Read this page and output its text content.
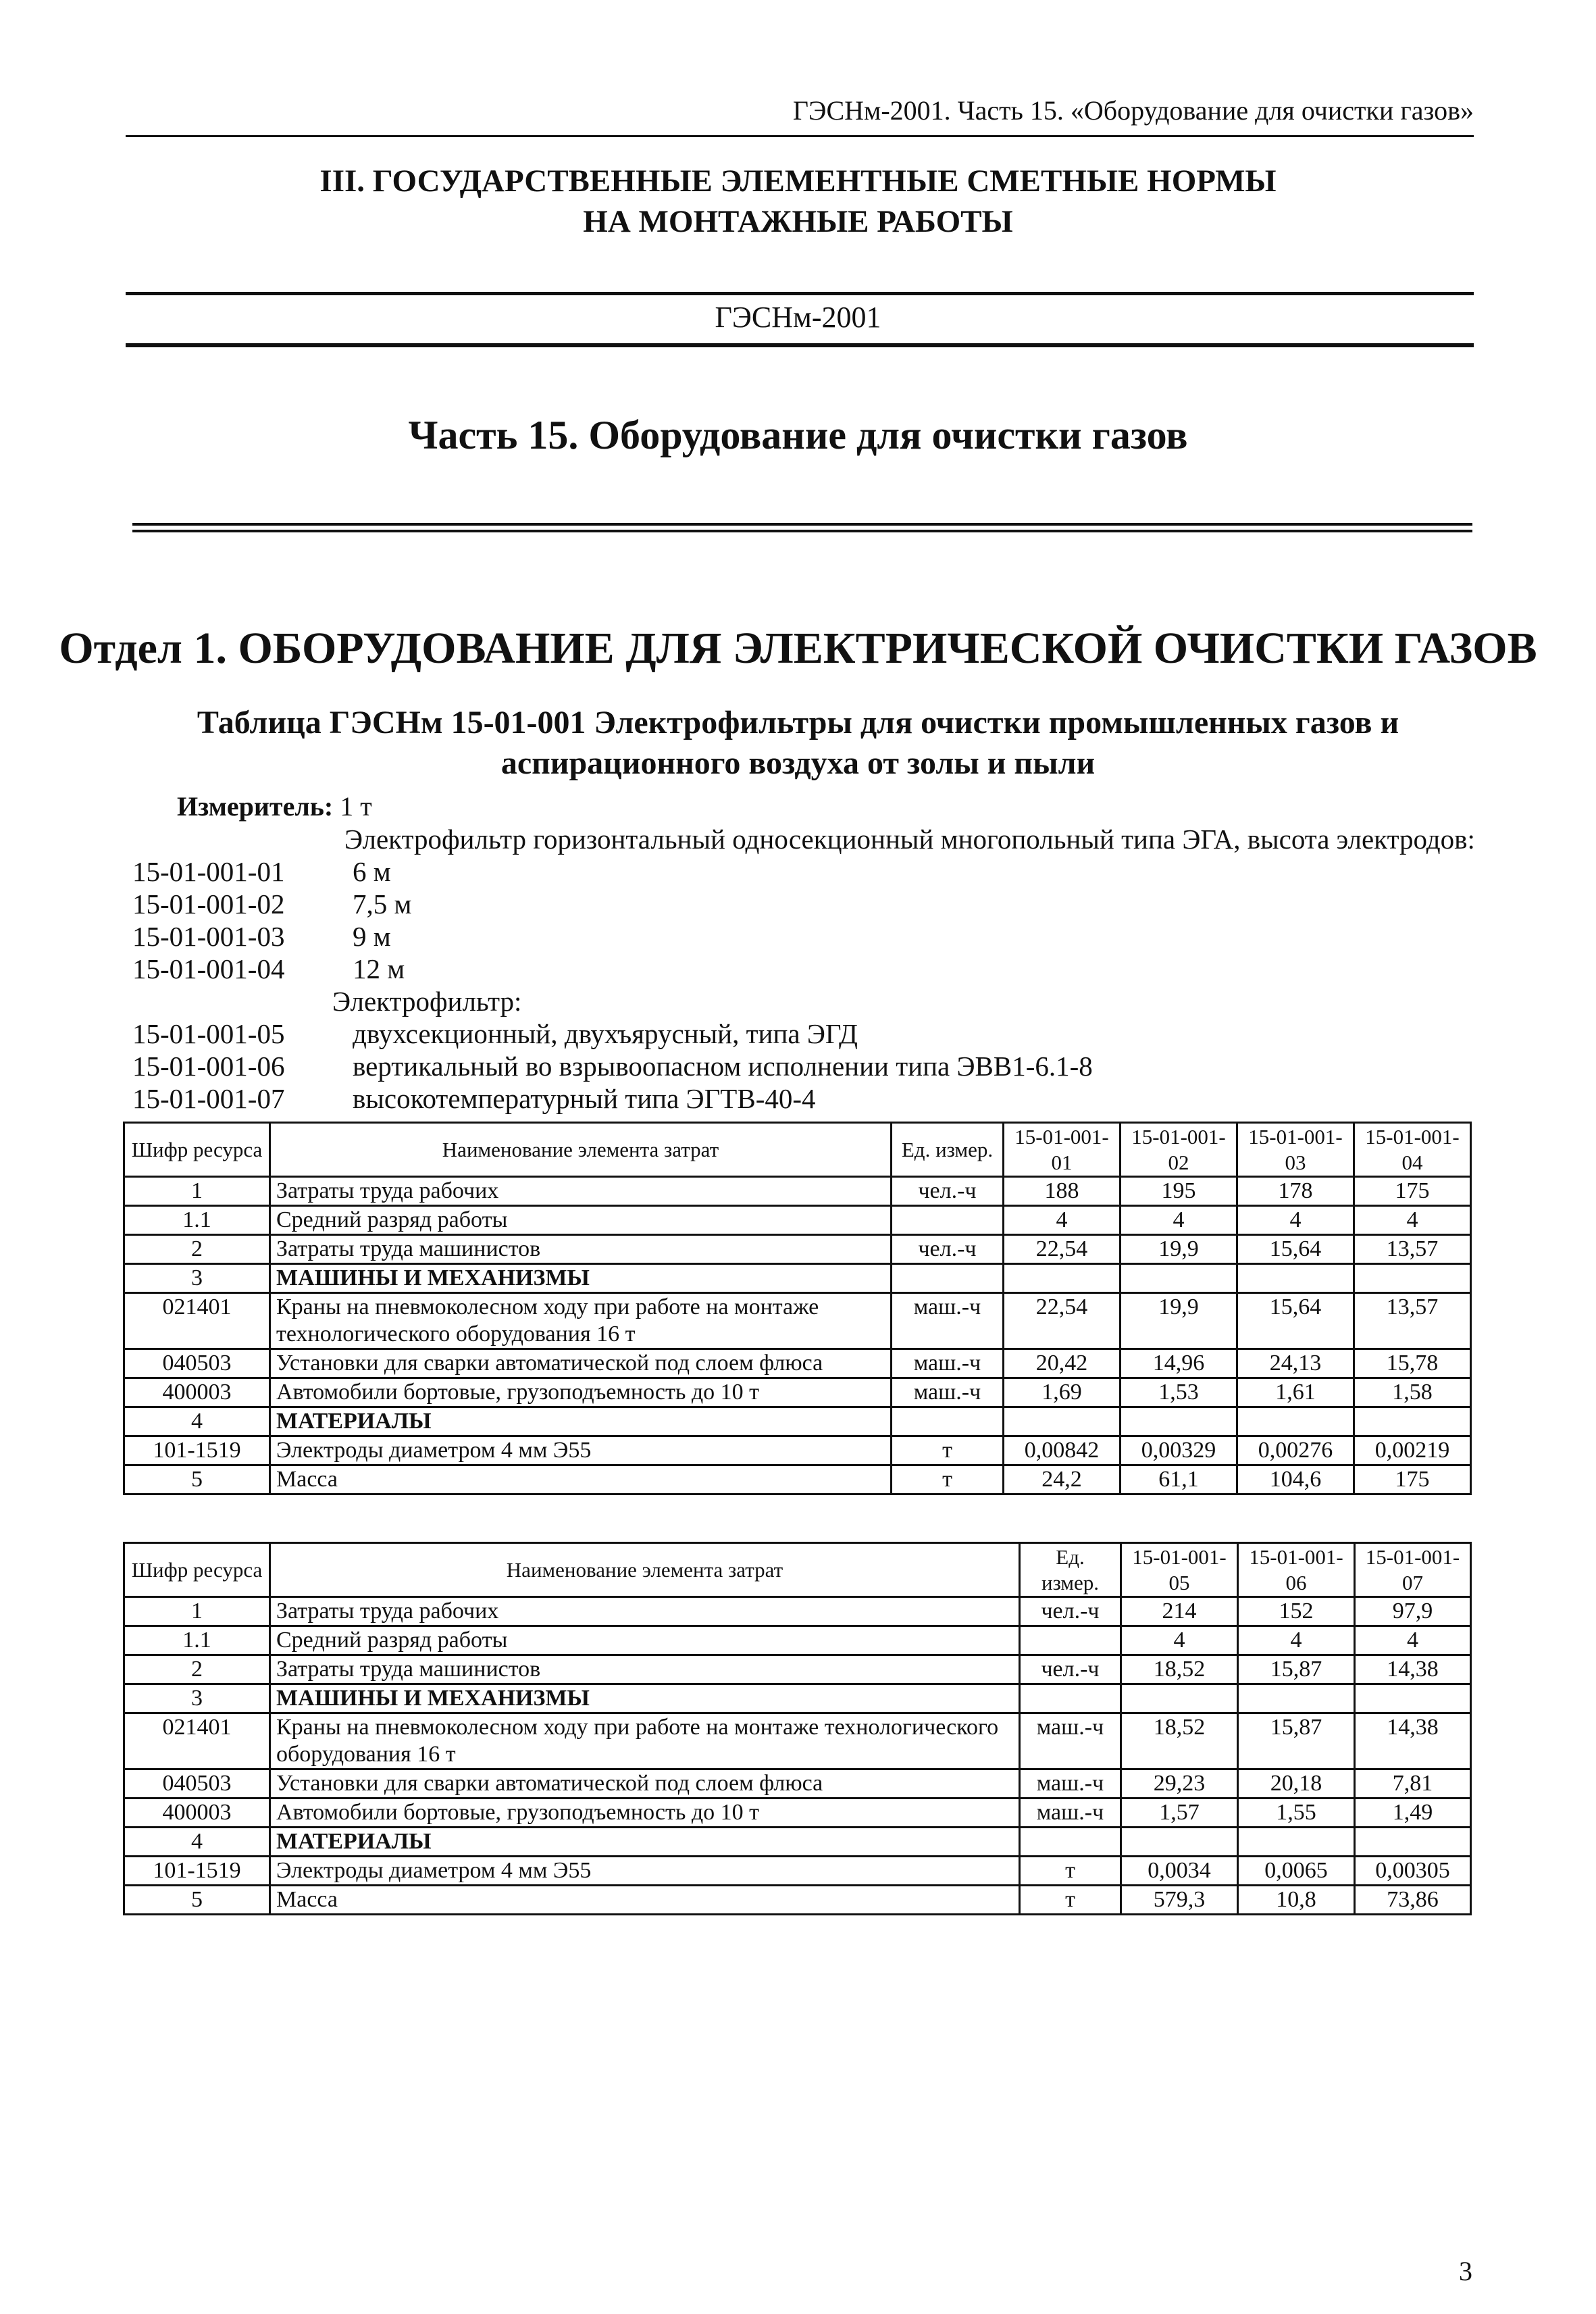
ГЭСНм-2001. Часть 15. «Оборудование для очистки газов»
III. ГОСУДАРСТВЕННЫЕ ЭЛЕМЕНТНЫЕ СМЕТНЫЕ НОРМЫ
НА МОНТАЖНЫЕ РАБОТЫ
ГЭСНм-2001
Часть 15. Оборудование для очистки газов
Отдел 1. ОБОРУДОВАНИЕ ДЛЯ ЭЛЕКТРИЧЕСКОЙ ОЧИСТКИ ГАЗОВ
Таблица ГЭСНм 15-01-001 Электрофильтры для очистки промышленных газов и
аспирационного воздуха от золы и пыли
Измеритель: 1 т
Электрофильтр горизонтальный односекционный многопольный типа ЭГА, высота электродов:
15-01-001-01 6 м
15-01-001-02 7,5 м
15-01-001-03 9 м
15-01-001-04 12 м
Электрофильтр:
15-01-001-05 двухсекционный, двухъярусный, типа ЭГД
15-01-001-06 вертикальный во взрывоопасном исполнении типа ЭВВ1-6.1-8
15-01-001-07 высокотемпературный типа ЭГТВ-40-4
Шифр ресурса	Наименование элемента затрат	Ед. измер.	15-01-001-01	15-01-001-02	15-01-001-03	15-01-001-04
1	Затраты труда рабочих	чел.-ч	188	195	178	175
1.1	Средний разряд работы		4	4	4	4
2	Затраты труда машинистов	чел.-ч	22,54	19,9	15,64	13,57
3	МАШИНЫ И МЕХАНИЗМЫ					
021401	Краны на пневмоколесном ходу при работе на монтаже технологического оборудования 16 т	маш.-ч	22,54	19,9	15,64	13,57
040503	Установки для сварки автоматической под слоем флюса	маш.-ч	20,42	14,96	24,13	15,78
400003	Автомобили бортовые, грузоподъемность до 10 т	маш.-ч	1,69	1,53	1,61	1,58
4	МАТЕРИАЛЫ					
101-1519	Электроды диаметром 4 мм Э55	т	0,00842	0,00329	0,00276	0,00219
5	Масса	т	24,2	61,1	104,6	175
Шифр ресурса	Наименование элемента затрат	Ед. измер.	15-01-001-05	15-01-001-06	15-01-001-07
1	Затраты труда рабочих	чел.-ч	214	152	97,9
1.1	Средний разряд работы		4	4	4
2	Затраты труда машинистов	чел.-ч	18,52	15,87	14,38
3	МАШИНЫ И МЕХАНИЗМЫ				
021401	Краны на пневмоколесном ходу при работе на монтаже технологического оборудования 16 т	маш.-ч	18,52	15,87	14,38
040503	Установки для сварки автоматической под слоем флюса	маш.-ч	29,23	20,18	7,81
400003	Автомобили бортовые, грузоподъемность до 10 т	маш.-ч	1,57	1,55	1,49
4	МАТЕРИАЛЫ				
101-1519	Электроды диаметром 4 мм Э55	т	0,0034	0,0065	0,00305
5	Масса	т	579,3	10,8	73,86
3
